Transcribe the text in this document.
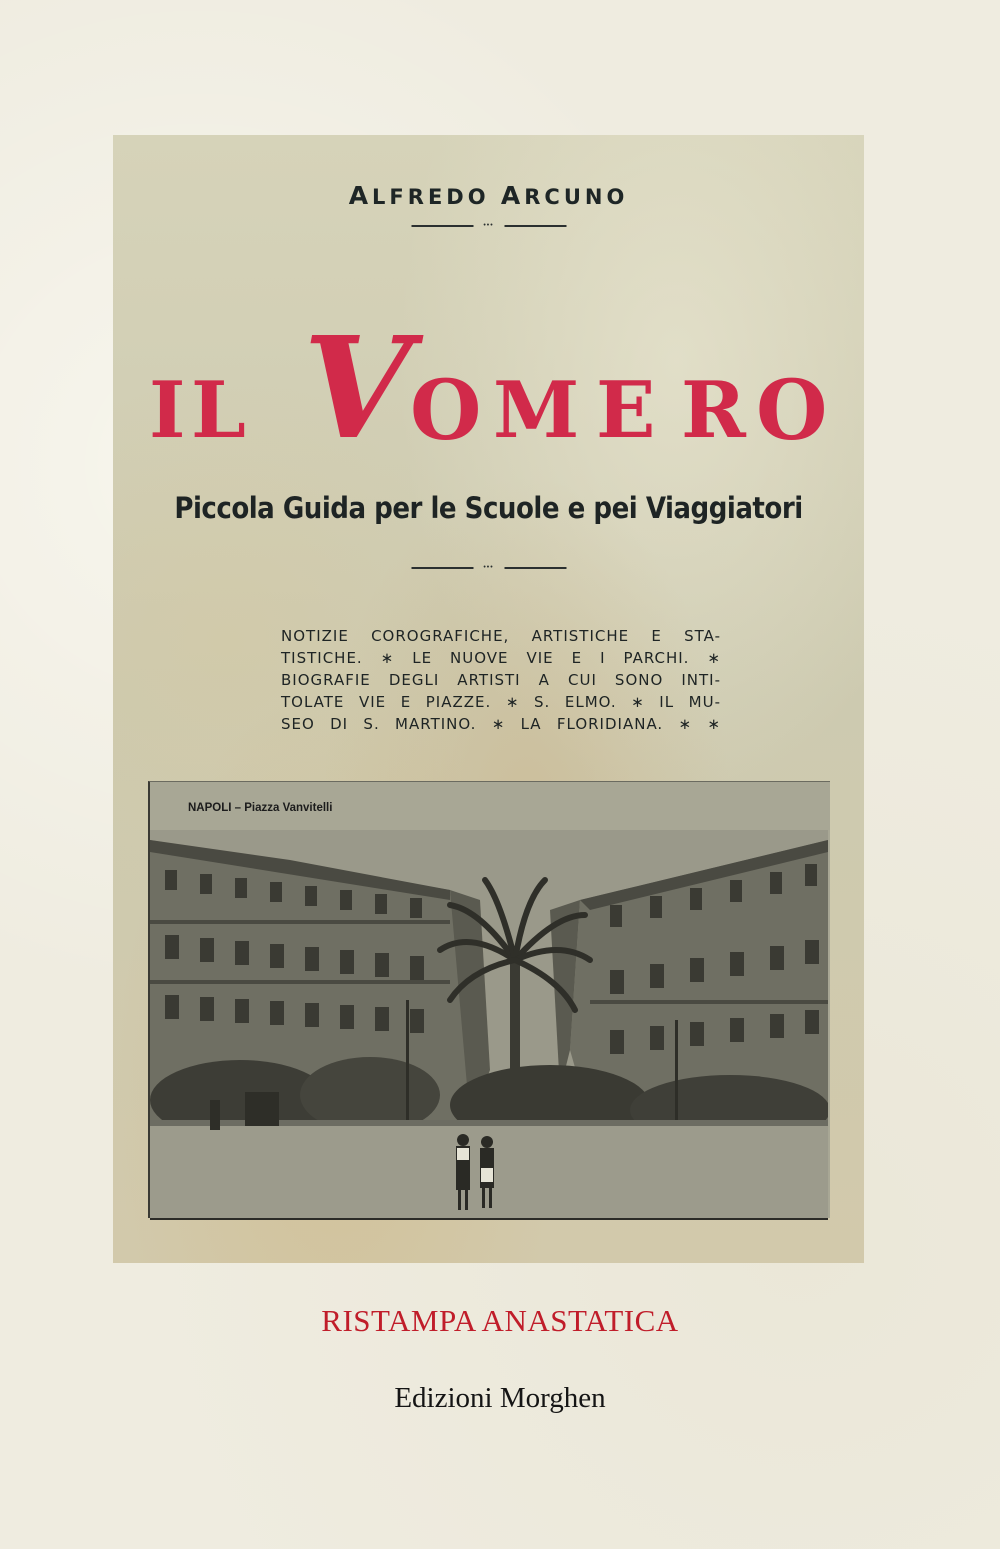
ALFREDO ARCUNO
•••
I L V
O M E R O
Piccola Guida per le Scuole e pei Viaggiatori
•••
NOTIZIE COROGRAFICHE, ARTISTICHE E STA-
TISTICHE. ∗ LE NUOVE VIE E I PARCHI. ∗
BIOGRAFIE DEGLI ARTISTI A CUI SONO INTI-
TOLATE VIE E PIAZZE. ∗ S. ELMO. ∗ IL MU-
SEO DI S. MARTINO. ∗ LA FLORIDIANA. ∗ ∗
NAPOLI – Piazza Vanvitelli
RISTAMPA ANASTATICA
Edizioni Morghen
